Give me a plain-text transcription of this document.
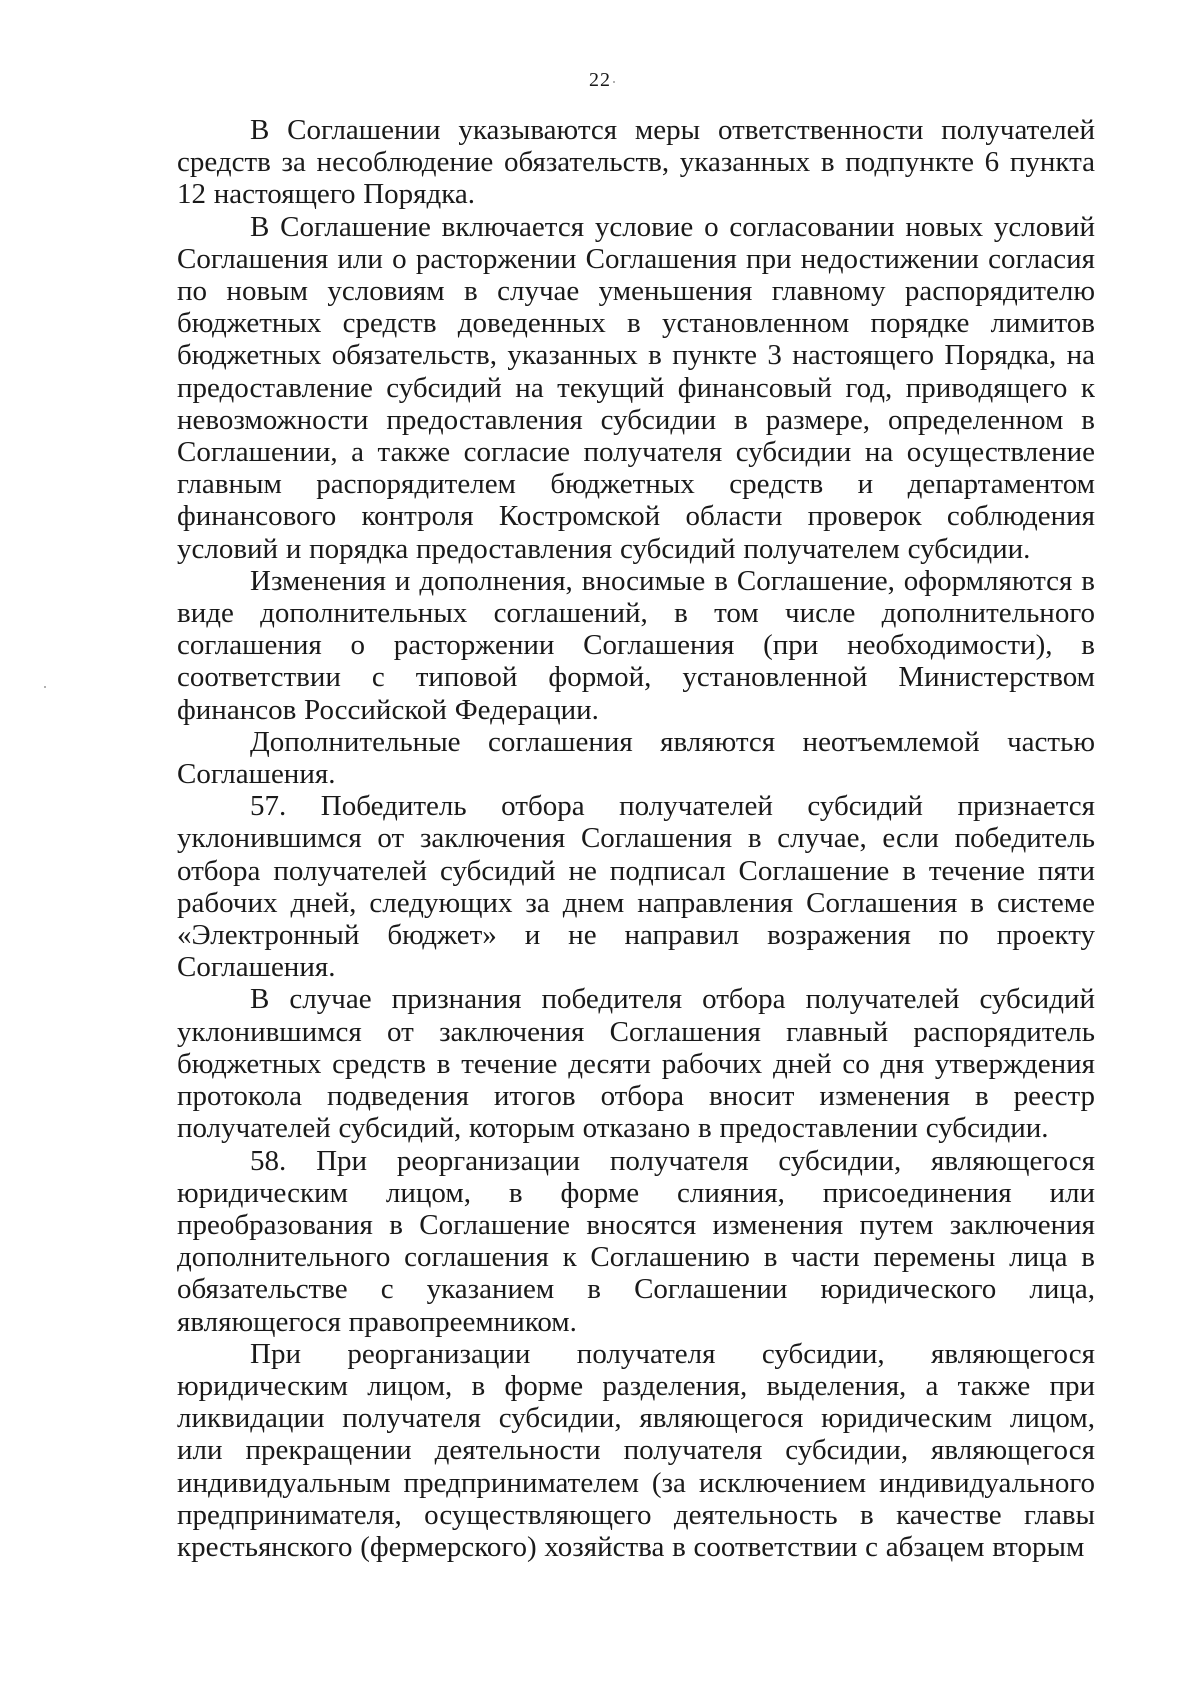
22

В Соглашении указываются меры ответственности получателей средств за несоблюдение обязательств, указанных в подпункте 6 пункта 12 настоящего Порядка.

В Соглашение включается условие о согласовании новых условий Соглашения или о расторжении Соглашения при недостижении согласия по новым условиям в случае уменьшения главному распорядителю бюджетных средств доведенных в установленном порядке лимитов бюджетных обязательств, указанных в пункте 3 настоящего Порядка, на предоставление субсидий на текущий финансовый год, приводящего к невозможности предоставления субсидии в размере, определенном в Соглашении, а также согласие получателя субсидии на осуществление главным распорядителем бюджетных средств и департаментом финансового контроля Костромской области проверок соблюдения условий и порядка предоставления субсидий получателем субсидии.

Изменения и дополнения, вносимые в Соглашение, оформляются в виде дополнительных соглашений, в том числе дополнительного соглашения о расторжении Соглашения (при необходимости), в соответствии с типовой формой, установленной Министерством финансов Российской Федерации.

Дополнительные соглашения являются неотъемлемой частью Соглашения.

57. Победитель отбора получателей субсидий признается уклонившимся от заключения Соглашения в случае, если победитель отбора получателей субсидий не подписал Соглашение в течение пяти рабочих дней, следующих за днем направления Соглашения в системе «Электронный бюджет» и не направил возражения по проекту Соглашения.

В случае признания победителя отбора получателей субсидий уклонившимся от заключения Соглашения главный распорядитель бюджетных средств в течение десяти рабочих дней со дня утверждения протокола подведения итогов отбора вносит изменения в реестр получателей субсидий, которым отказано в предоставлении субсидии.

58. При реорганизации получателя субсидии, являющегося юридическим лицом, в форме слияния, присоединения или преобразования в Соглашение вносятся изменения путем заключения дополнительного соглашения к Соглашению в части перемены лица в обязательстве с указанием в Соглашении юридического лица, являющегося правопреемником.

При реорганизации получателя субсидии, являющегося юридическим лицом, в форме разделения, выделения, а также при ликвидации получателя субсидии, являющегося юридическим лицом, или прекращении деятельности получателя субсидии, являющегося индивидуальным предпринимателем (за исключением индивидуального предпринимателя, осуществляющего деятельность в качестве главы крестьянского (фермерского) хозяйства в соответствии с абзацем вторым
